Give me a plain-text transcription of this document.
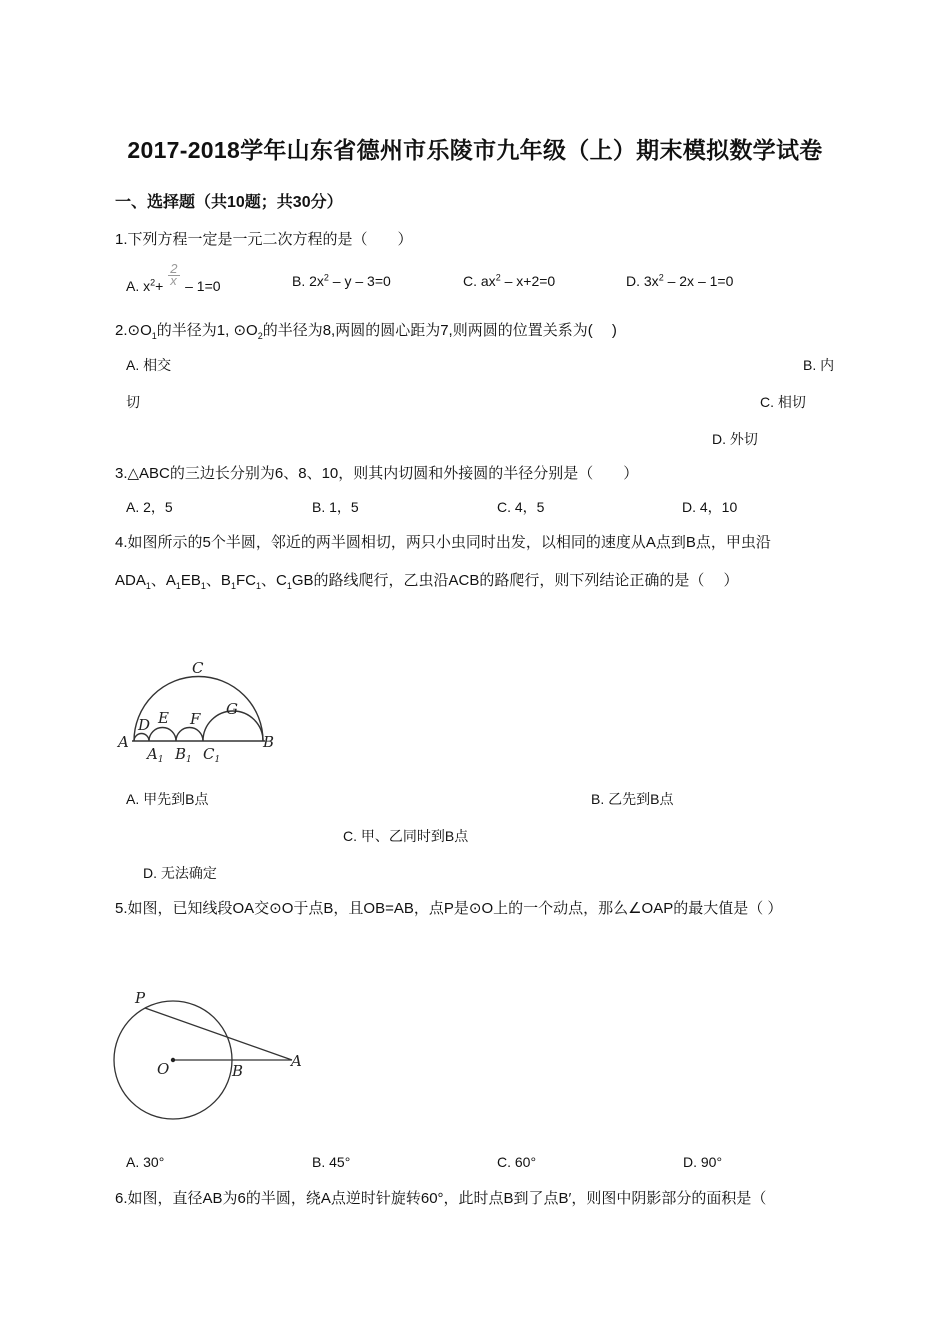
2017-2018学年山东省德州市乐陵市九年级（上）期末模拟数学试卷
一、选择题（共10题；共30分）
1.下列方程一定是一元二次方程的是（　　）
A. $x^2+ \frac{2}{x} - 1=0$	B. $2x^2 - y - 3=0$	C. $ax^2 - x+2=0$	D. $3x^2 - 2x - 1=0$
$2.⊙O_1$的半径为1, $⊙O_2$的半径为8,两圆的圆心距为7,则两圆的位置关系为(　 )
A. 相交	B. 内
切	C. 相切
D. 外切
3.△ABC的三边长分别为6、8、10，则其内切圆和外接圆的半径分别是（　　）
A. 2，5	B. 1，5	C. 4，5	D. 4，10
4.如图所示的5个半圆，邻近的两半圆相切，两只小虫同时出发，以相同的速度从A点到B点，甲虫沿
$ADA_1$、$A_1EB_1$、$B_1FC_1$、$C_1GB$的路线爬行，乙虫沿ACB的路爬行，则下列结论正确的是（　 ）
C
D E F
G
A	B
$A_1$ $B_1$ $C_1$
A. 甲先到B点	B. 乙先到B点
C. 甲、乙同时到B点
D. 无法确定
5.如图，已知线段OA交⊙O于点B，且OB=AB，点P是⊙O上的一个动点，那么∠OAP的最大值是（ ）
P
O	B
A
A. 30°	B. 45°	C. 60°	D. 90°
6.如图，直径AB为6的半圆，绕A点逆时针旋转60°，此时点B到了点B′，则图中阴影部分的面积是（
